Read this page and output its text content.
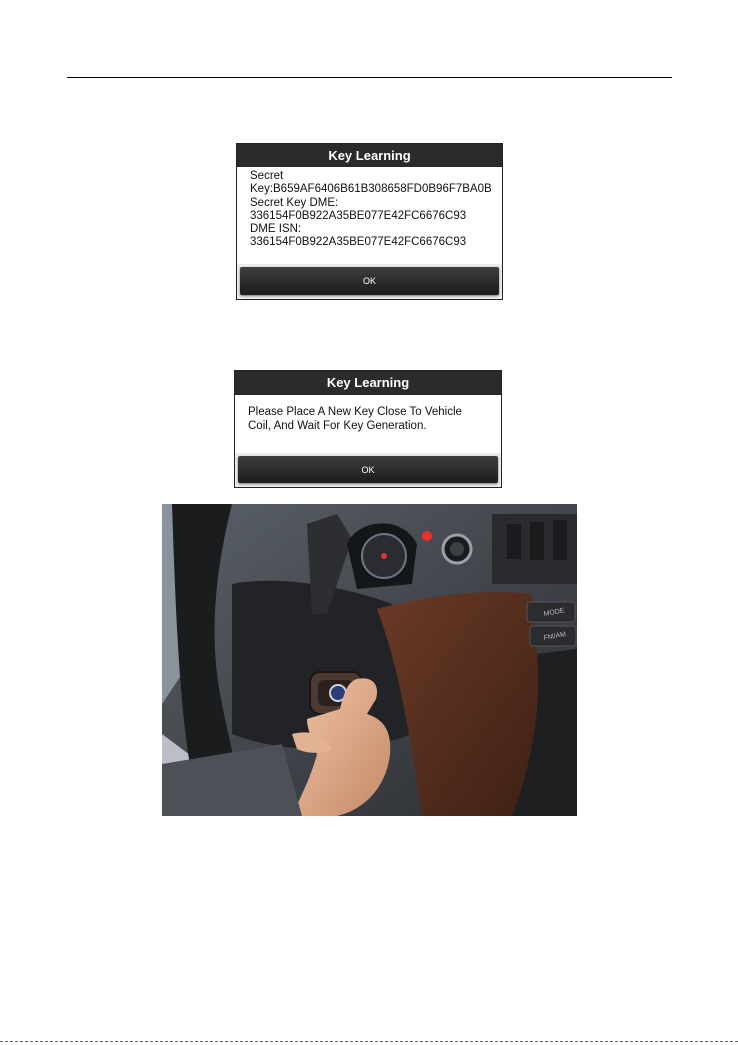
Key Learning
Secret
Key:B659AF6406B61B308658FD0B96F7BA0B
Secret Key DME:
336154F0B922A35BE077E42FC6676C93
DME ISN:
336154F0B922A35BE077E42FC6676C93
OK
Key Learning
Please Place A New Key Close To Vehicle
Coil, And Wait For Key Generation.
OK
MODE
FM/AM
